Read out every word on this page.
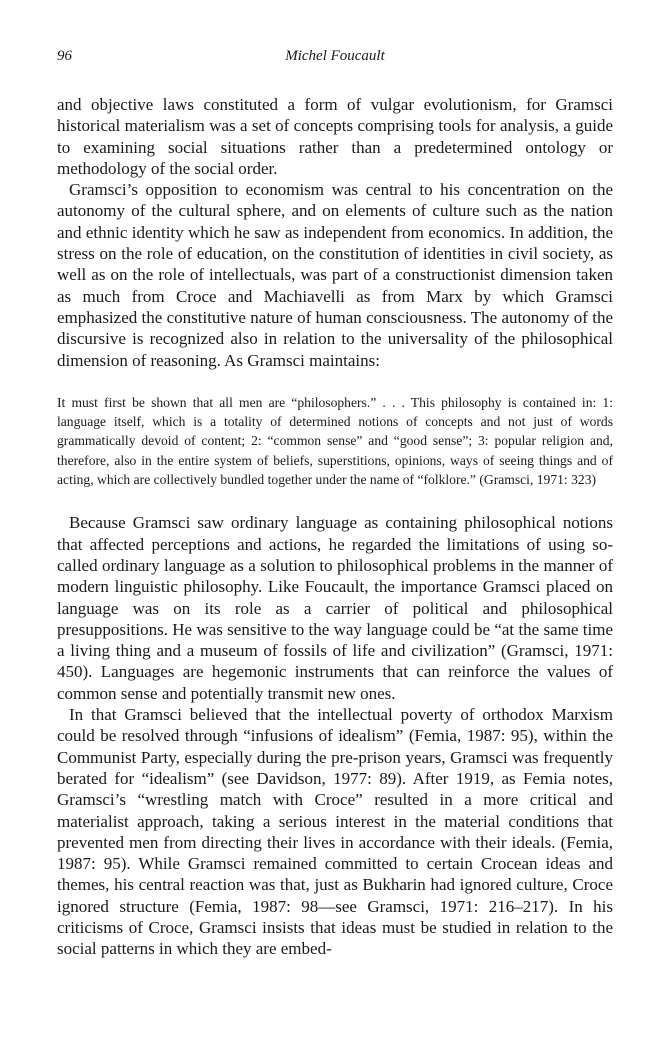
96	Michel Foucault

and objective laws constituted a form of vulgar evolutionism, for Gramsci historical materialism was a set of concepts comprising tools for analysis, a guide to examining social situations rather than a predetermined ontology or methodology of the social order.

Gramsci’s opposition to economism was central to his concentration on the autonomy of the cultural sphere, and on elements of culture such as the nation and ethnic identity which he saw as independent from economics. In addition, the stress on the role of education, on the constitution of identities in civil society, as well as on the role of intellectuals, was part of a constructionist dimension taken as much from Croce and Machiavelli as from Marx by which Gramsci emphasized the constitutive nature of human consciousness. The autonomy of the discursive is recognized also in relation to the universality of the philosophical dimension of reasoning. As Gramsci maintains:

It must first be shown that all men are “philosophers.” . . . This philosophy is contained in: 1: language itself, which is a totality of determined notions of concepts and not just of words grammatically devoid of content; 2: “common sense” and “good sense”; 3: popular religion and, therefore, also in the entire system of beliefs, superstitions, opinions, ways of seeing things and of acting, which are collectively bundled together under the name of “folklore.” (Gramsci, 1971: 323)

Because Gramsci saw ordinary language as containing philosophical notions that affected perceptions and actions, he regarded the limitations of using so-called ordinary language as a solution to philosophical problems in the manner of modern linguistic philosophy. Like Foucault, the importance Gramsci placed on language was on its role as a carrier of political and philosophical presuppositions. He was sensitive to the way language could be “at the same time a living thing and a museum of fossils of life and civilization” (Gramsci, 1971: 450). Languages are hegemonic instruments that can reinforce the values of common sense and potentially transmit new ones.

In that Gramsci believed that the intellectual poverty of orthodox Marxism could be resolved through “infusions of idealism” (Femia, 1987: 95), within the Communist Party, especially during the pre-prison years, Gramsci was frequently berated for “idealism” (see Davidson, 1977: 89). After 1919, as Femia notes, Gramsci’s “wrestling match with Croce” resulted in a more critical and materialist approach, taking a serious interest in the material conditions that prevented men from directing their lives in accordance with their ideals. (Femia, 1987: 95). While Gramsci remained committed to certain Crocean ideas and themes, his central reaction was that, just as Bukharin had ignored culture, Croce ignored structure (Femia, 1987: 98—see Gramsci, 1971: 216–217). In his criticisms of Croce, Gramsci insists that ideas must be studied in relation to the social patterns in which they are embed-
